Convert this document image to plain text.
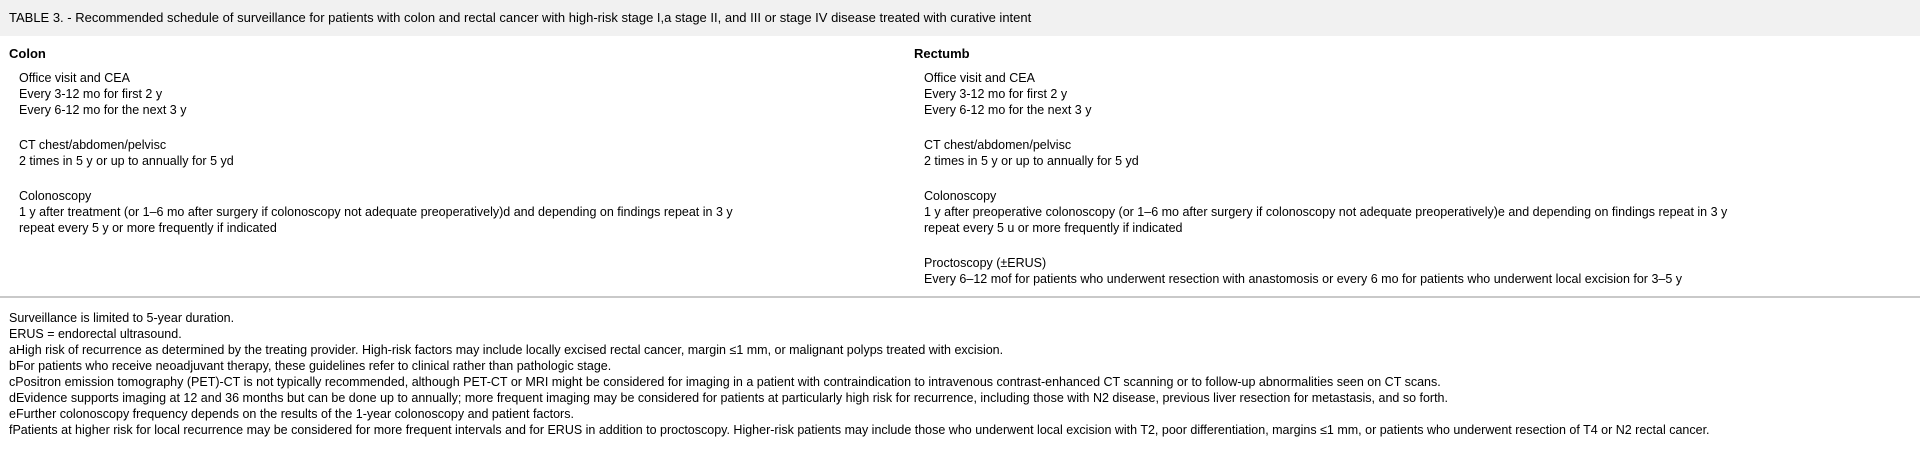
TABLE 3. - Recommended schedule of surveillance for patients with colon and rectal cancer with high-risk stage I,a stage II, and III or stage IV disease treated with curative intent
Colon
Office visit and CEA
Every 3-12 mo for first 2 y
Every 6-12 mo for the next 3 y
CT chest/abdomen/pelvisc
2 times in 5 y or up to annually for 5 yd
Colonoscopy
1 y after treatment (or 1–6 mo after surgery if colonoscopy not adequate preoperatively)d and depending on findings repeat in 3 y
repeat every 5 y or more frequently if indicated
Rectumb
Office visit and CEA
Every 3-12 mo for first 2 y
Every 6-12 mo for the next 3 y
CT chest/abdomen/pelvisc
2 times in 5 y or up to annually for 5 yd
Colonoscopy
1 y after preoperative colonoscopy (or 1–6 mo after surgery if colonoscopy not adequate preoperatively)e and depending on findings repeat in 3 y
repeat every 5 u or more frequently if indicated
Proctoscopy (±ERUS)
Every 6–12 mof for patients who underwent resection with anastomosis or every 6 mo for patients who underwent local excision for 3–5 y
Surveillance is limited to 5-year duration.
ERUS = endorectal ultrasound.
aHigh risk of recurrence as determined by the treating provider. High-risk factors may include locally excised rectal cancer, margin ≤1 mm, or malignant polyps treated with excision.
bFor patients who receive neoadjuvant therapy, these guidelines refer to clinical rather than pathologic stage.
cPositron emission tomography (PET)-CT is not typically recommended, although PET-CT or MRI might be considered for imaging in a patient with contraindication to intravenous contrast-enhanced CT scanning or to follow-up abnormalities seen on CT scans.
dEvidence supports imaging at 12 and 36 months but can be done up to annually; more frequent imaging may be considered for patients at particularly high risk for recurrence, including those with N2 disease, previous liver resection for metastasis, and so forth.
eFurther colonoscopy frequency depends on the results of the 1-year colonoscopy and patient factors.
fPatients at higher risk for local recurrence may be considered for more frequent intervals and for ERUS in addition to proctoscopy. Higher-risk patients may include those who underwent local excision with T2, poor differentiation, margins ≤1 mm, or patients who underwent resection of T4 or N2 rectal cancer.
